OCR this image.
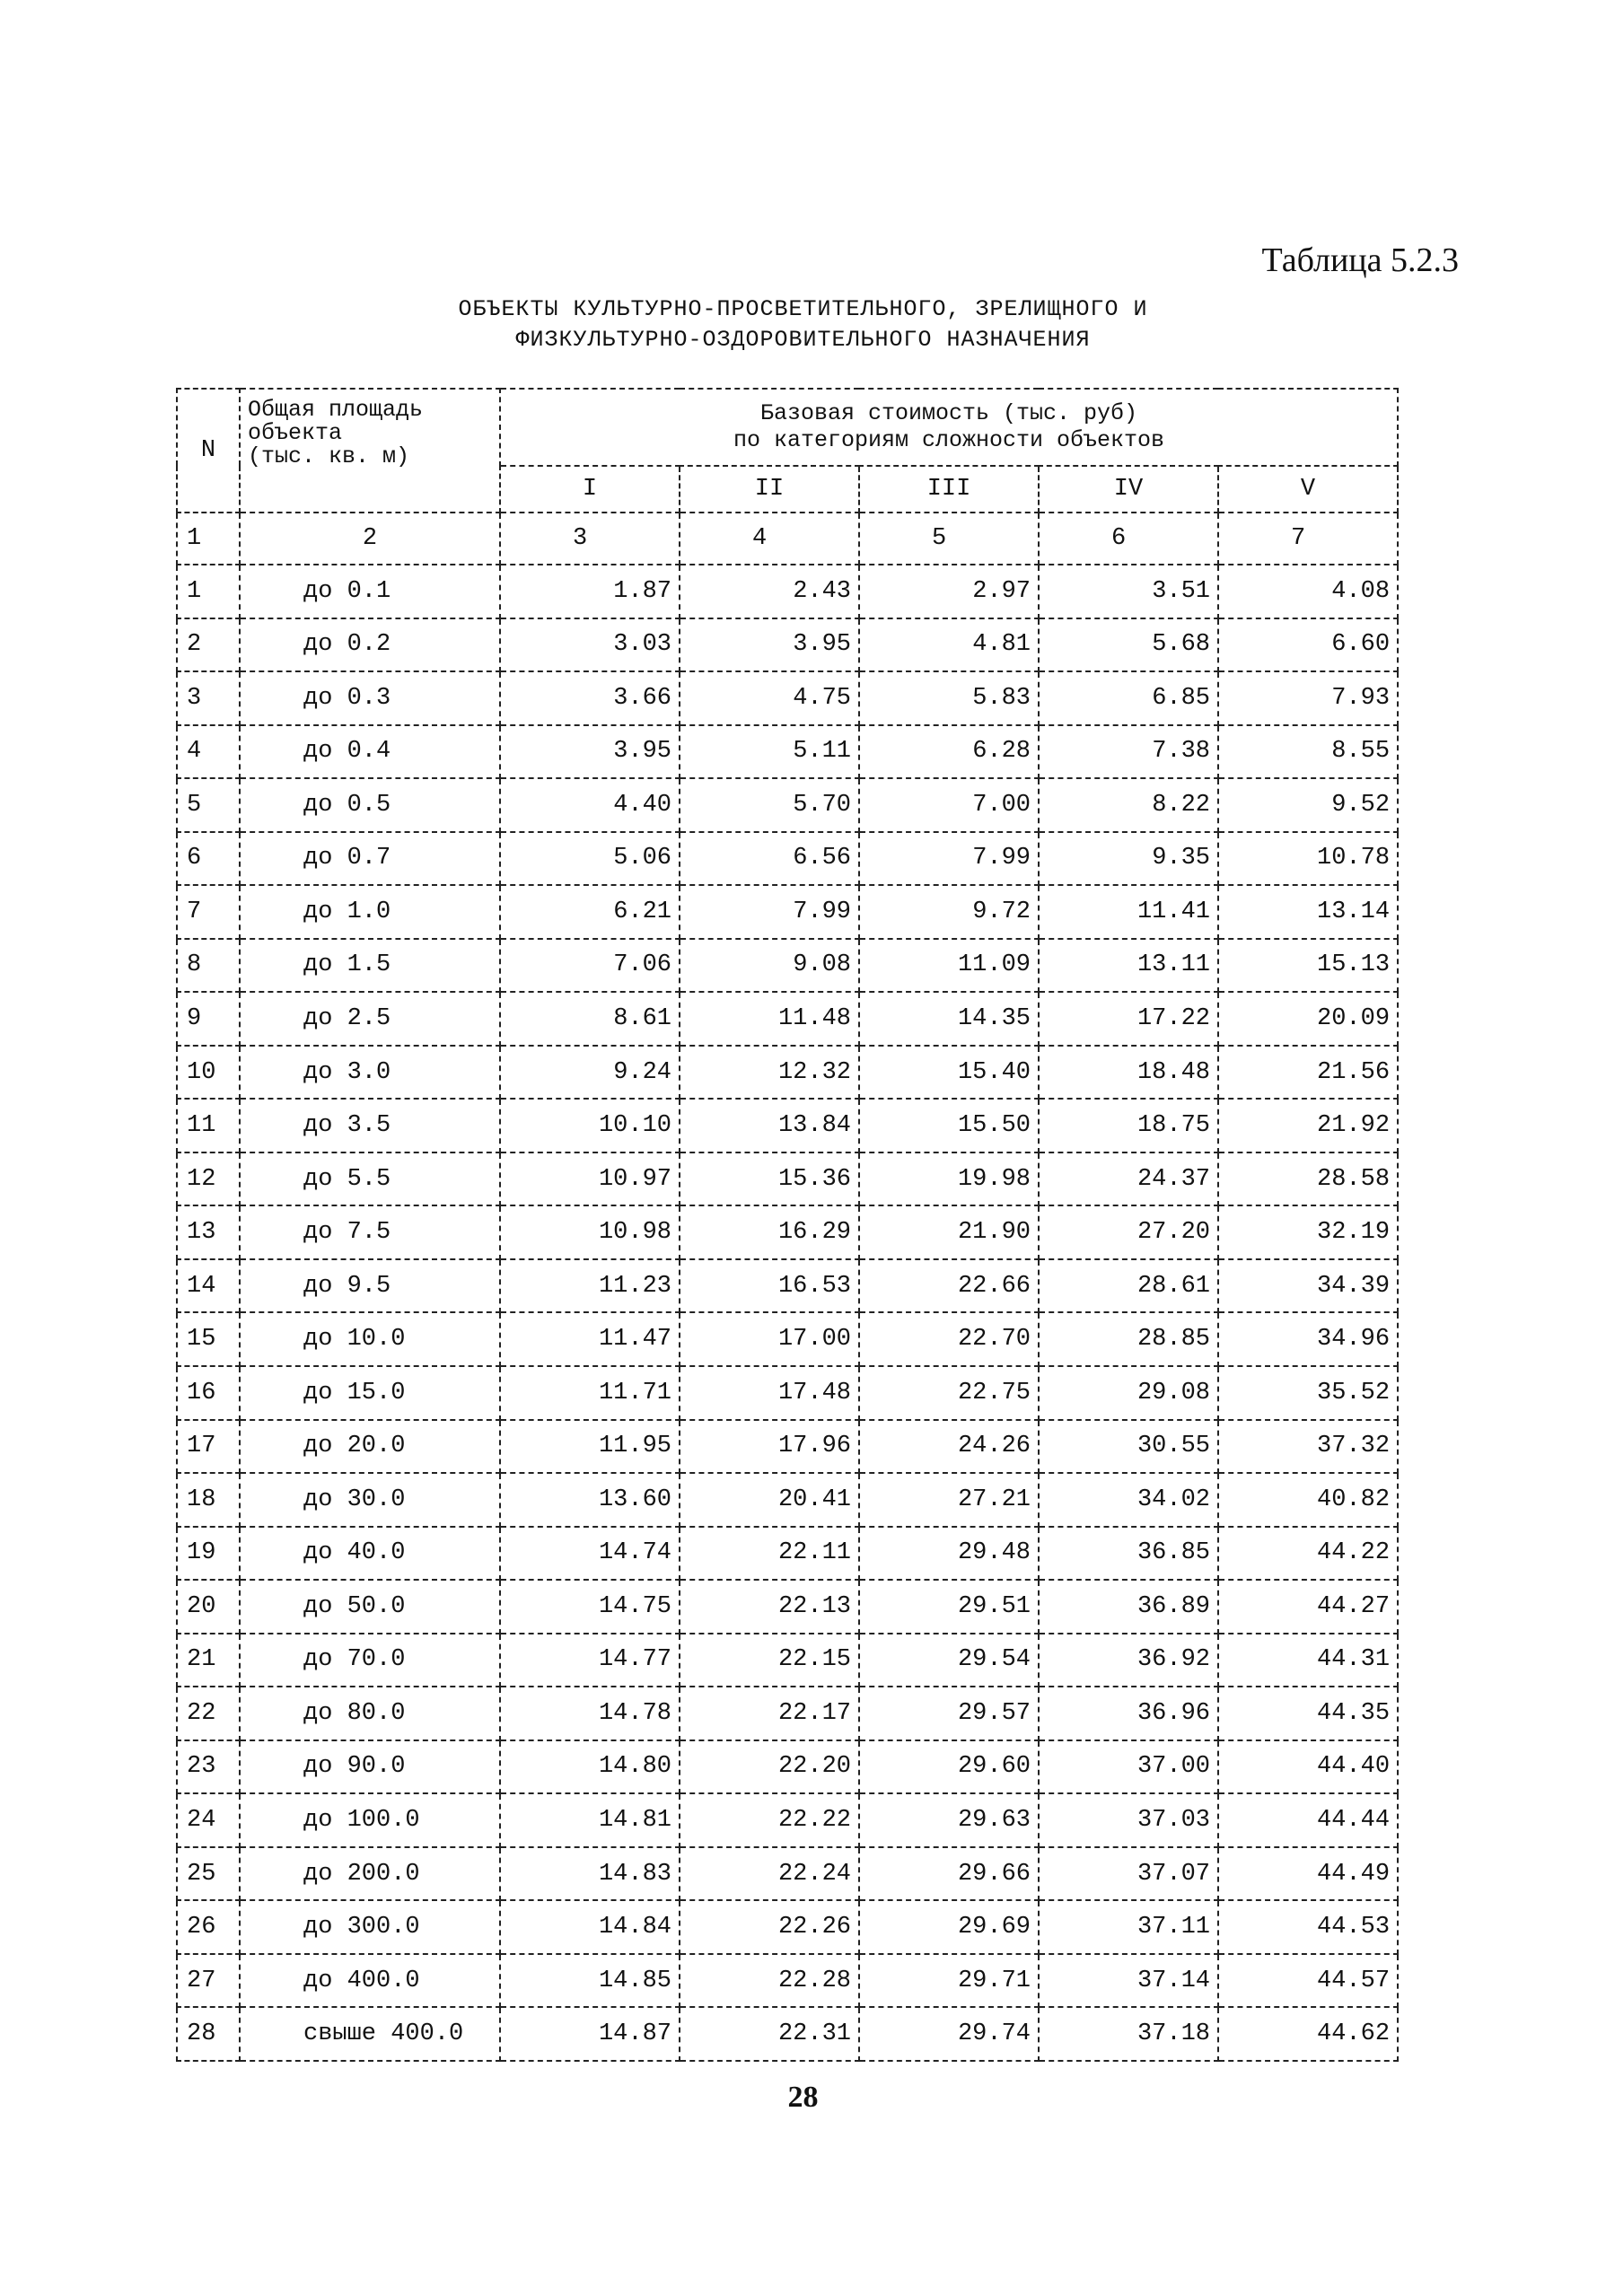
Таблица 5.2.3
ОБЪЕКТЫ КУЛЬТУРНО-ПРОСВЕТИТЕЛЬНОГО, ЗРЕЛИЩНОГО И
ФИЗКУЛЬТУРНО-ОЗДОРОВИТЕЛЬНОГО НАЗНАЧЕНИЯ
N	Общая площадь
объекта
(тыс. кв. м)	Базовая стоимость (тыс. руб)
по категориям сложности объектов				

		I	II	III	IV	V
1	2	3	4	5	6	7
1	до 0.1	1.87	2.43	2.97	3.51	4.08
2	до 0.2	3.03	3.95	4.81	5.68	6.60
3	до 0.3	3.66	4.75	5.83	6.85	7.93
4	до 0.4	3.95	5.11	6.28	7.38	8.55
5	до 0.5	4.40	5.70	7.00	8.22	9.52
6	до 0.7	5.06	6.56	7.99	9.35	10.78
7	до 1.0	6.21	7.99	9.72	11.41	13.14
8	до 1.5	7.06	9.08	11.09	13.11	15.13
9	до 2.5	8.61	11.48	14.35	17.22	20.09
10	до 3.0	9.24	12.32	15.40	18.48	21.56
11	до 3.5	10.10	13.84	15.50	18.75	21.92
12	до 5.5	10.97	15.36	19.98	24.37	28.58
13	до 7.5	10.98	16.29	21.90	27.20	32.19
14	до 9.5	11.23	16.53	22.66	28.61	34.39
15	до 10.0	11.47	17.00	22.70	28.85	34.96
16	до 15.0	11.71	17.48	22.75	29.08	35.52
17	до 20.0	11.95	17.96	24.26	30.55	37.32
18	до 30.0	13.60	20.41	27.21	34.02	40.82
19	до 40.0	14.74	22.11	29.48	36.85	44.22
20	до 50.0	14.75	22.13	29.51	36.89	44.27
21	до 70.0	14.77	22.15	29.54	36.92	44.31
22	до 80.0	14.78	22.17	29.57	36.96	44.35
23	до 90.0	14.80	22.20	29.60	37.00	44.40
24	до 100.0	14.81	22.22	29.63	37.03	44.44
25	до 200.0	14.83	22.24	29.66	37.07	44.49
26	до 300.0	14.84	22.26	29.69	37.11	44.53
27	до 400.0	14.85	22.28	29.71	37.14	44.57
28	свыше 400.0	14.87	22.31	29.74	37.18	44.62
28
